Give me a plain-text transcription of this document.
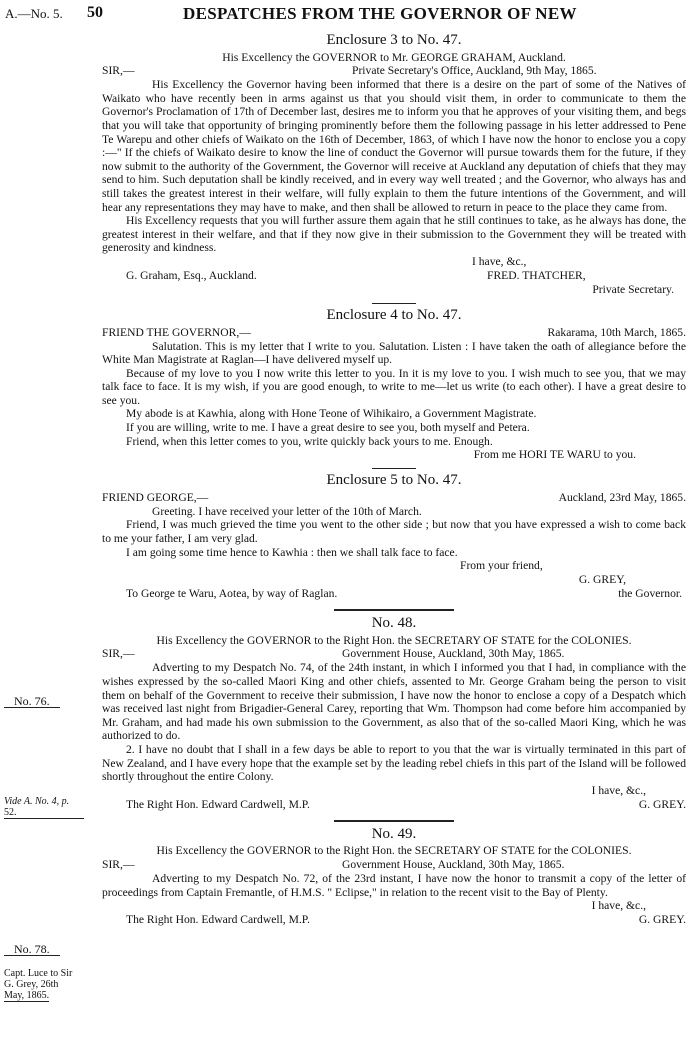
A.—No. 5. 50	DESPATCHES FROM THE GOVERNOR OF NEW
Enclosure 3 to No. 47.
His Excellency the GOVERNOR to Mr. GEORGE GRAHAM, Auckland.
SIR,—	Private Secretary's Office, Auckland, 9th May, 1865.

His Excellency the Governor having been informed that there is a desire on the part of some of the Natives of Waikato who have recently been in arms against us that you should visit them, in order to communicate to them the Governor's Proclamation of 17th of December last, desires me to inform you that he approves of your visiting them, and begs that you will take that opportunity of bringing prominently before them the following passage in his letter addressed to Pene Te Warepu and other chiefs of Waikato on the 16th of December, 1863, of which I have now the honor to enclose you a copy :—" If the chiefs of Waikato desire to know the line of conduct the Governor will pursue towards them for the future, if they now submit to the authority of the Government, the Governor will receive at Auckland any deputation of chiefs that they may send to him. Such deputation shall be kindly received, and in every way well treated ; and the Governor, who always has and still takes the greatest interest in their welfare, will fully explain to them the future intentions of the Government, and will hear any representations they may have to make, and then shall be allowed to return in peace to the place they came from.

His Excellency requests that you will further assure them again that he still continues to take, as he always has done, the greatest interest in their welfare, and that if they now give in their submission to the Government they will be treated with generosity and kindness.

I have, &c.,
G. Graham, Esq., Auckland.	FRED. THATCHER,
Private Secretary.
Enclosure 4 to No. 47.
FRIEND THE GOVERNOR,—	Rakarama, 10th March, 1865.

Salutation. This is my letter that I write to you. Salutation. Listen : I have taken the oath of allegiance before the White Man Magistrate at Raglan—I have delivered myself up.

Because of my love to you I now write this letter to you. In it is my love to you. I wish much to see you, that we may talk face to face. It is my wish, if you are good enough, to write to me—let us write (to each other). I have a great desire to see you.

My abode is at Kawhia, along with Hone Teone of Wihikairo, a Government Magistrate.

If you are willing, write to me. I have a great desire to see you, both myself and Petera.

Friend, when this letter comes to you, write quickly back yours to me. Enough.

From me HORI TE WARU to you.
Enclosure 5 to No. 47.
FRIEND GEORGE,—	Auckland, 23rd May, 1865.

Greeting. I have received your letter of the 10th of March.

Friend, I was much grieved the time you went to the other side ; but now that you have expressed a wish to come back to me your father, I am very glad.

I am going some time hence to Kawhia : then we shall talk face to face.

From your friend,
G. GREY,
To George te Waru, Aotea, by way of Raglan.	the Governor.
No. 48.
His Excellency the GOVERNOR to the Right Hon. the SECRETARY OF STATE for the COLONIES.
SIR,—	Government House, Auckland, 30th May, 1865.

Adverting to my Despatch No. 74, of the 24th instant, in which I informed you that I had, in compliance with the wishes expressed by the so-called Maori King and other chiefs, assented to Mr. George Graham being the person to visit them on behalf of the Government to receive their submission, I have now the honor to enclose a copy of a Despatch which was received last night from Brigadier-General Carey, reporting that Wm. Thompson had come before him accompanied by Mr. Graham, and had made his own submission to the Government, as also that of the so-called Maori King, which he was authorized to do.

2. I have no doubt that I shall in a few days be able to report to you that the war is virtually terminated in this part of New Zealand, and I have every hope that the example set by the leading rebel chiefs in this part of the Island will be followed shortly throughout the entire Colony.

I have, &c.,
The Right Hon. Edward Cardwell, M.P.	G. GREY.
No. 49.
His Excellency the GOVERNOR to the Right Hon. the SECRETARY OF STATE for the COLONIES.
SIR,—	Government House, Auckland, 30th May, 1865.

Adverting to my Despatch No. 72, of the 23rd instant, I have now the honor to transmit a copy of the letter of proceedings from Captain Fremantle, of H.M.S. " Eclipse," in relation to the recent visit to the Bay of Plenty.

I have, &c.,
The Right Hon. Edward Cardwell, M.P.	G. GREY.
No. 76.
Vide A. No. 4, p.
52.
No. 78.
Capt. Luce to Sir
G. Grey, 26th
May, 1865.
